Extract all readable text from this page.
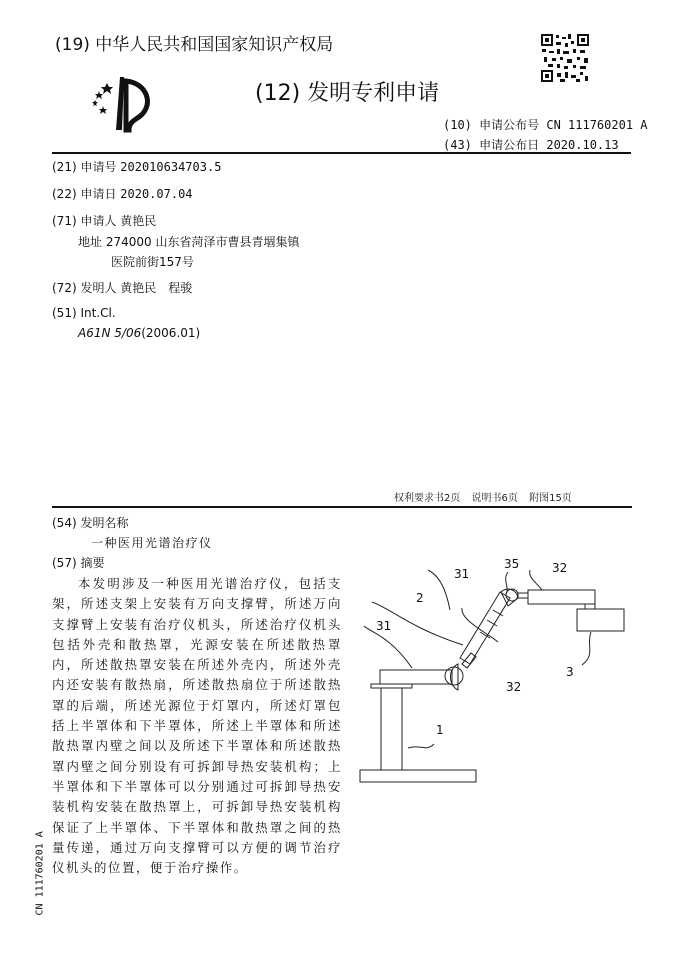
(19) 中华人民共和国国家知识产权局
(12) 发明专利申请
(10) 申请公布号 CN 111760201 A
(43) 申请公布日 2020.10.13
(21) 申请号 202010634703.5
(22) 申请日 2020.07.04
(71) 申请人 黄艳民
地址 274000 山东省菏泽市曹县青堌集镇
医院前街157号
(72) 发明人 黄艳民　程骏
(51) Int.Cl.
A61N 5/06(2006.01)
权利要求书2页 说明书6页 附图15页
(54) 发明名称
一种医用光谱治疗仪
(57) 摘要
本发明涉及一种医用光谱治疗仪，包括支架，所述支架上安装有万向支撑臂，所述万向支撑臂上安装有治疗仪机头，所述治疗仪机头包括外壳和散热罩，光源安装在所述散热罩内，所述散热罩安装在所述外壳内，所述外壳内还安装有散热扇，所述散热扇位于所述散热罩的后端，所述光源位于灯罩内，所述灯罩包括上半罩体和下半罩体，所述上半罩体和所述散热罩内壁之间以及所述下半罩体和所述散热罩内壁之间分别设有可拆卸导热安装机构；上半罩体和下半罩体可以分别通过可拆卸导热安装机构安装在散热罩上，可拆卸导热安装机构保证了上半罩体、下半罩体和散热罩之间的热量传递，通过万向支撑臂可以方便的调节治疗仪机头的位置，便于治疗操作。
1
2
3
31
31
32
32
35
CN 111760201 A
